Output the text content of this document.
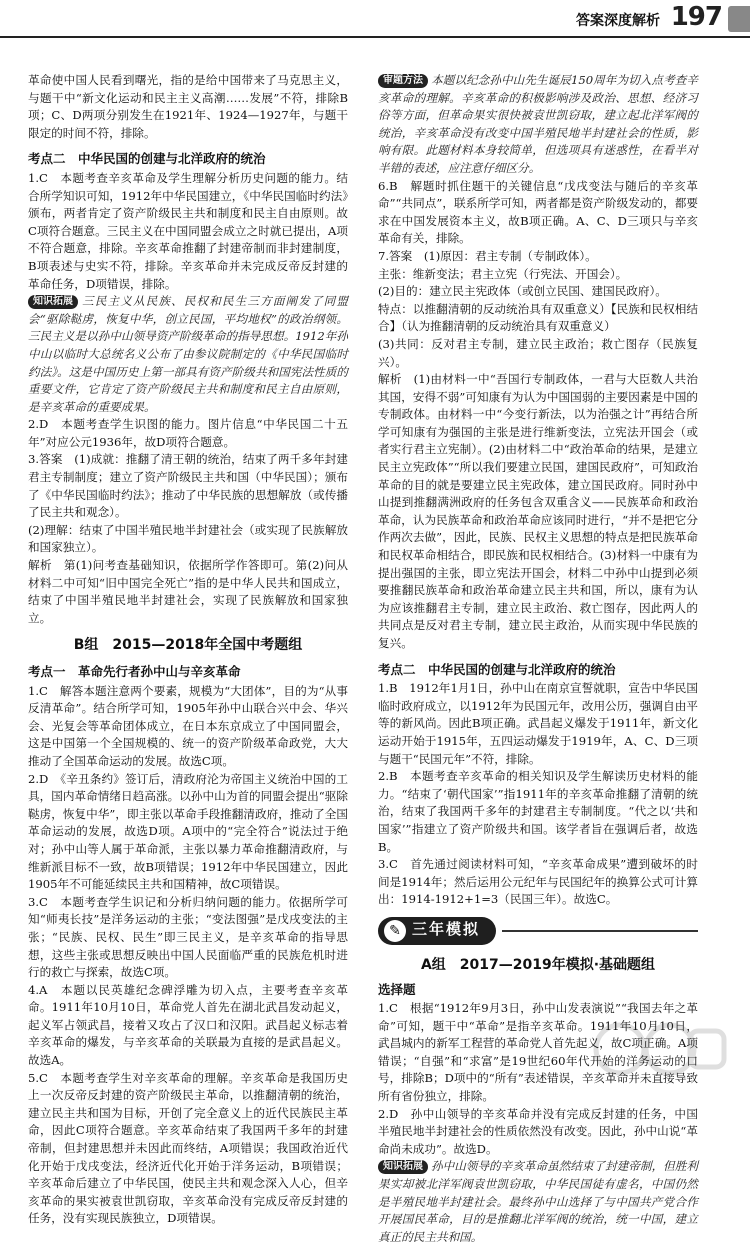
答案深度解析 197

革命使中国人民看到曙光，指的是给中国带来了马克思主义，与题干中“新文化运动和民主主义高潮……发展”不符，排除B项；C、D两项分别发生在1921年、1924—1927年，与题干限定的时间不符，排除。

考点二　中华民国的创建与北洋政府的统治

1.C　本题考查辛亥革命及学生理解分析历史问题的能力。结合所学知识可知，1912年中华民国建立，《中华民国临时约法》颁布，两者肯定了资产阶级民主共和制度和民主自由原则。故C项符合题意。三民主义在中国同盟会成立之时就已提出，A项不符合题意，排除。辛亥革命推翻了封建帝制而非封建制度，B项表述与史实不符，排除。辛亥革命并未完成反帝反封建的革命任务，D项错误，排除。

知识拓展 三民主义从民族、民权和民生三方面阐发了同盟会“驱除鞑虏，恢复中华，创立民国，平均地权”的政治纲领。三民主义是以孙中山领导资产阶级革命的指导思想。1912年孙中山以临时大总统名义公布了由参议院制定的《中华民国临时约法》。这是中国历史上第一部具有资产阶级共和国宪法性质的重要文件，它肯定了资产阶级民主共和制度和民主自由原则，是辛亥革命的重要成果。

2.D　本题考查学生识图的能力。图片信息“中华民国二十五年”对应公元1936年，故D项符合题意。

3.答案　(1)成就：推翻了清王朝的统治，结束了两千多年封建君主专制制度；建立了资产阶级民主共和国（中华民国）；颁布了《中华民国临时约法》；推动了中华民族的思想解放（或传播了民主共和观念）。

(2)理解：结束了中国半殖民地半封建社会（或实现了民族解放和国家独立）。

解析　第(1)问考查基础知识，依据所学作答即可。第(2)问从材料二中可知“旧中国完全死亡”指的是中华人民共和国成立，结束了中国半殖民地半封建社会，实现了民族解放和国家独立。

B组　2015—2018年全国中考题组
考点一　革命先行者孙中山与辛亥革命

1.C　解答本题注意两个要素，规模为“大团体”，目的为“从事反清革命”。结合所学可知，1905年孙中山联合兴中会、华兴会、光复会等革命团体成立，在日本东京成立了中国同盟会，这是中国第一个全国规模的、统一的资产阶级革命政党，大大推动了全国革命运动的发展。故选C项。

2.D　《辛丑条约》签订后，清政府沦为帝国主义统治中国的工具，国内革命情绪日趋高涨。以孙中山为首的同盟会提出“驱除鞑虏，恢复中华”，即主张以革命手段推翻清政府，推动了全国革命运动的发展，故选D项。A项中的“完全符合”说法过于绝对；孙中山等人属于革命派，主张以暴力革命推翻清政府，与维新派目标不一致，故B项错误；1912年中华民国建立，因此1905年不可能延续民主共和国精神，故C项错误。

3.C　本题考查学生识记和分析归纳问题的能力。依据所学可知“师夷长技”是洋务运动的主张；“变法图强”是戊戌变法的主张；“民族、民权、民生”即三民主义，是辛亥革命的指导思想，这些主张或思想反映出中国人民面临严重的民族危机时进行的救亡与探索，故选C项。

4.A　本题以民英雄纪念碑浮雕为切入点，主要考查辛亥革命。1911年10月10日，革命党人首先在湖北武昌发动起义，起义军占领武昌，接着又攻占了汉口和汉阳。武昌起义标志着辛亥革命的爆发，与辛亥革命的关联最为直接的是武昌起义。故选A。

5.C　本题考查学生对辛亥革命的理解。辛亥革命是我国历史上一次反帝反封建的资产阶级民主革命，以推翻清朝的统治，建立民主共和国为目标，开创了完全意义上的近代民族民主革命，因此C项符合题意。辛亥革命结束了我国两千多年的封建帝制，但封建思想并未因此而终结，A项错误；我国政治近代化开始于戊戌变法，经济近代化开始于洋务运动，B项错误；辛亥革命后建立了中华民国，使民主共和观念深入人心，但辛亥革命的果实被袁世凯窃取，辛亥革命没有完成反帝反封建的任务，没有实现民族独立，D项错误。

审题方法 本题以纪念孙中山先生诞辰150周年为切入点考查辛亥革命的理解。辛亥革命的积极影响涉及政治、思想、经济习俗等方面，但革命果实很快被袁世凯窃取，建立起北洋军阀的统治，辛亥革命没有改变中国半殖民地半封建社会的性质，影响有限。此题材料本身较简单，但选项具有迷惑性，在看半对半错的表述，应注意仔细区分。

6.B　解题时抓住题干的关键信息“戊戌变法与随后的辛亥革命”“共同点”，联系所学可知，两者都是资产阶级发动的，都要求在中国发展资本主义，故B项正确。A、C、D三项只与辛亥革命有关，排除。

7.答案　(1)原因：君主专制（专制政体）。

主张：维新变法；君主立宪（行宪法、开国会）。

(2)目的：建立民主宪政体（或创立民国、建国民政府）。

特点：以推翻清朝的反动统治具有双重意义）【民族和民权相结合】（认为推翻清朝的反动统治具有双重意义）

(3)共同：反对君主专制，建立民主政治；救亡图存（民族复兴）。

解析　(1)由材料一中“吾国行专制政体，一君与大臣数人共治其国，安得不弱”可知康有为认为中国国弱的主要因素是中国的专制政体。由材料一中“今变行新法，以为治强之计”再结合所学可知康有为强国的主张是进行维新变法，立宪法开国会（或者实行君主立宪制）。(2)由材料二中“政治革命的结果，是建立民主立宪政体”“所以我们要建立民国，建国民政府”，可知政治革命的目的就是要建立民主宪政体，建立国民政府。同时孙中山提到推翻满洲政府的任务包含双重含义——民族革命和政治革命，认为民族革命和政治革命应该同时进行，“并不是把它分作两次去做”，因此，民族、民权主义思想的特点是把民族革命和民权革命相结合，即民族和民权相结合。(3)材料一中康有为提出强国的主张，即立宪法开国会，材料二中孙中山提到必须要推翻民族革命和政治革命建立民主共和国，所以，康有为认为应该推翻君主专制，建立民主政治、救亡图存，因此两人的共同点是反对君主专制，建立民主政治，从而实现中华民族的复兴。

考点二　中华民国的创建与北洋政府的统治

1.B　1912年1月1日，孙中山在南京宣誓就职，宣告中华民国临时政府成立，以1912年为民国元年，改用公历，强调自由平等的新风尚。因此B项正确。武昌起义爆发于1911年，新文化运动开始于1915年，五四运动爆发于1919年，A、C、D三项与题干“民国元年”不符，排除。

2.B　本题考查辛亥革命的相关知识及学生解读历史材料的能力。“结束了‘朝代国家’”指1911年的辛亥革命推翻了清朝的统治，结束了我国两千多年的封建君主专制制度。“代之以‘共和国家’”指建立了资产阶级共和国。该学者旨在强调后者，故选B。

3.C　首先通过阅读材料可知，“辛亥革命成果”遭到破坏的时间是1914年；然后运用公元纪年与民国纪年的换算公式可计算出：1914-1912+1=3（民国三年）。故选C。

✎ 三年模拟
A组　2017—2019年模拟·基础题组
选择题

1.C　根据“1912年9月3日，孙中山发表演说”“我国去年之革命”可知，题干中“革命”是指辛亥革命。1911年10月10日，武昌城内的新军工程营的革命党人首先起义，故C项正确。A项错误；“自强”和“求富”是19世纪60年代开始的洋务运动的口号，排除B；D项中的“所有”表述错误，辛亥革命并未直接导致所有省份独立，排除。

2.D　孙中山领导的辛亥革命并没有完成反封建的任务，中国半殖民地半封建社会的性质依然没有改变。因此，孙中山说“革命尚未成功”。故选D。

知识拓展 孙中山领导的辛亥革命虽然结束了封建帝制，但胜利果实却被北洋军阀袁世凯窃取，中华民国徒有虚名，中国仍然是半殖民地半封建社会。最终孙中山选择了与中国共产党合作开展国民革命，目的是推翻北洋军阀的统治，统一中国，建立真正的民主共和国。
